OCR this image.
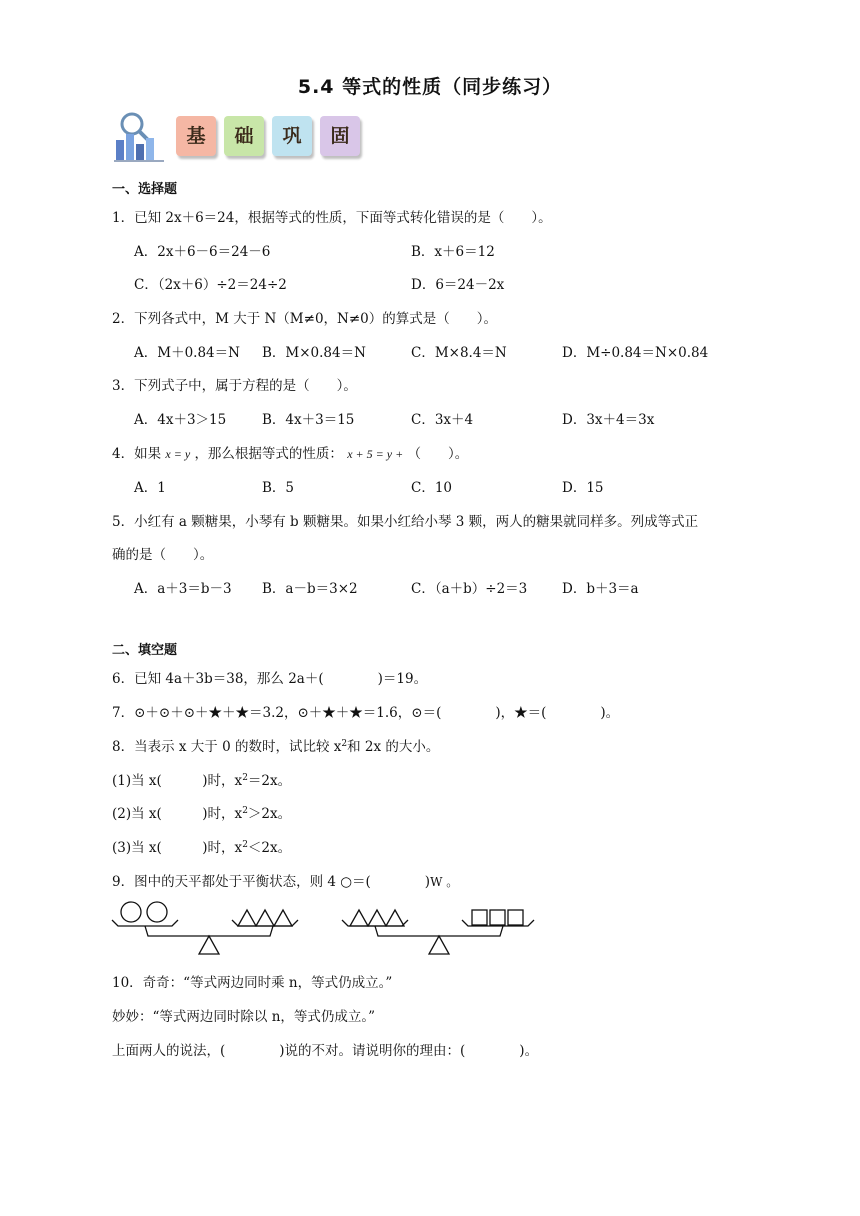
5.4 等式的性质（同步练习）
基	础	巩	固
一、选择题
1．已知 2x＋6＝24，根据等式的性质，下面等式转化错误的是（　　）。
A．2x＋6－6＝24－6	B．x＋6＝12
C．（2x＋6）÷2＝24÷2	D．6＝24－2x
2．下列各式中，M 大于 N（M≠0，N≠0）的算式是（　　）。
A．M＋0.84＝N B．M×0.84＝N	C．M×8.4＝N	D．M÷0.84＝N×0.84
3．下列式子中，属于方程的是（　　）。
A．4x＋3＞15	B．4x＋3＝15	C．3x＋4	D．3x＋4＝3x
4．如果 x = y ，那么根据等式的性质： x + 5 = y + （　　）。
A．1	B．5	C．10	D．15
5．小红有 a 颗糖果，小琴有 b 颗糖果。如果小红给小琴 3 颗，两人的糖果就同样多。列成等式正
确的是（　　）。
A．a＋3＝b－3 B．a－b＝3×2	C．（a＋b）÷2＝3	D．b＋3＝a
二、填空题
6．已知 4a＋3b＝38，那么 2a＋(　　　　)＝19。
7．⊙＋⊙＋⊙＋★＋★＝3.2，⊙＋★＋★＝1.6，⊙＝(　　　　)，★＝(　　　　)。
8．当表示 x 大于 0 的数时，试比较 $x^2$和 2x 的大小。
(1)当 x(　　　)时，$x^2=2x$。
(2)当 x(　　　)时，$x^2>2x$。
(3)当 x(　　　)时，$x^2<2x$。
9．图中的天平都处于平衡状态，则 4 ○＝(　　　　)W 。
10．奇奇：“等式两边同时乘 n，等式仍成立。”
妙妙：“等式两边同时除以 n，等式仍成立。”
上面两人的说法，(　　　　)说的不对。请说明你的理由：(　　　　)。
